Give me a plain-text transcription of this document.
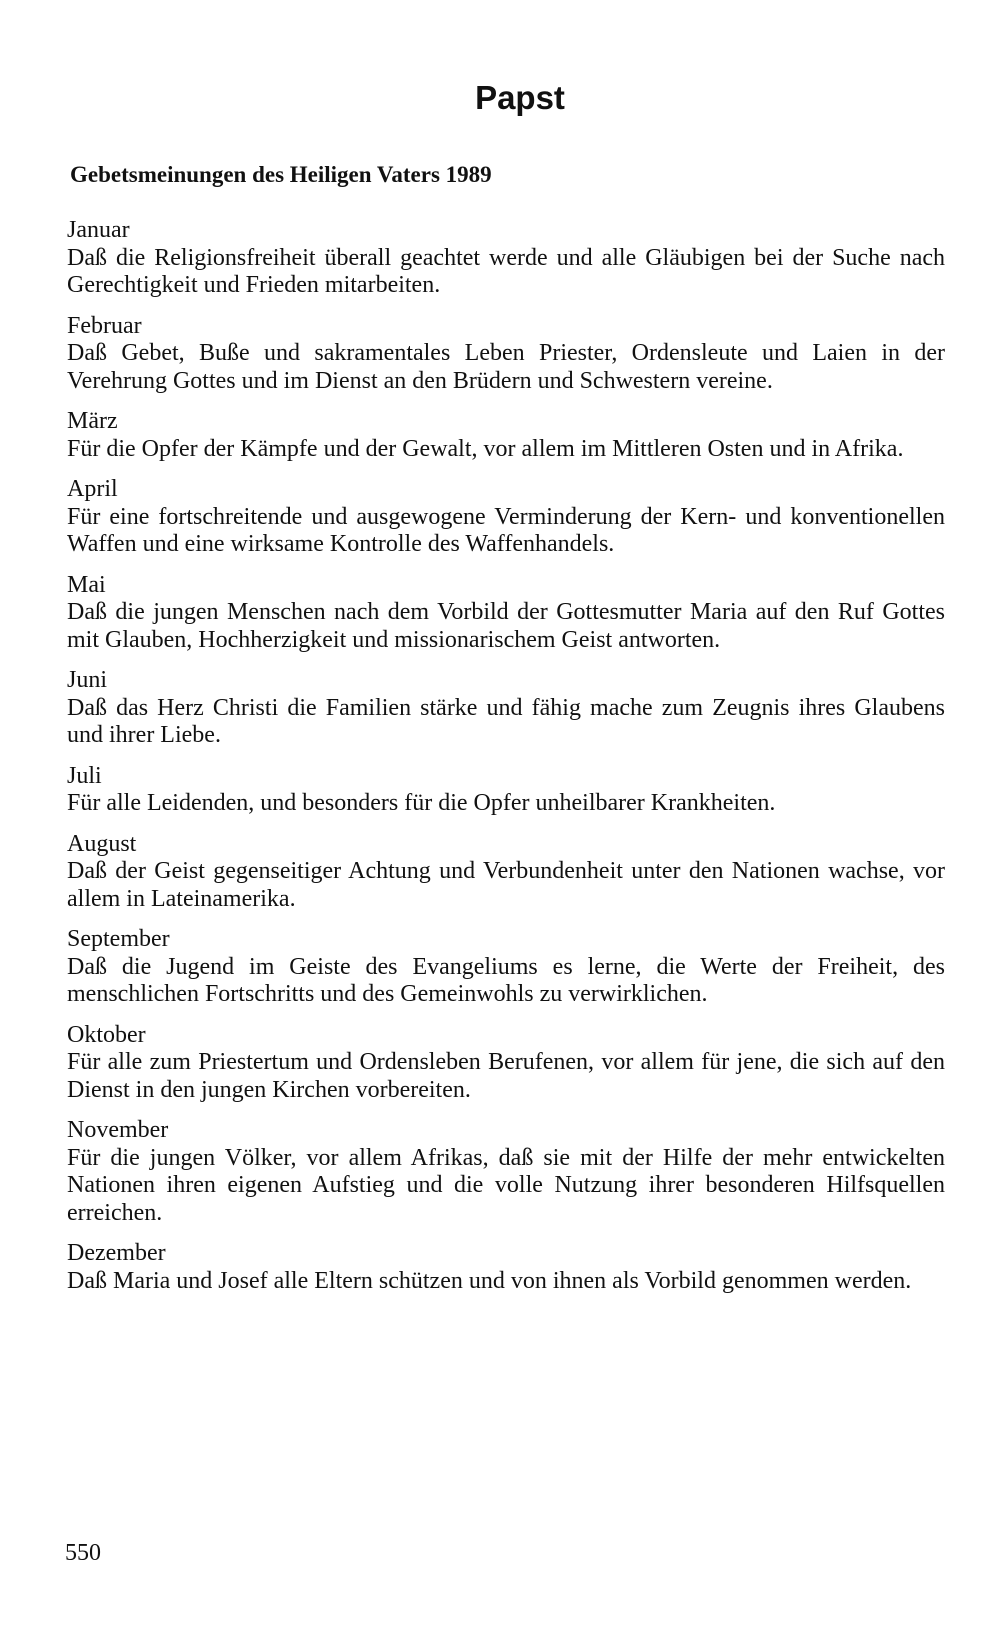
Papst
Gebetsmeinungen des Heiligen Vaters 1989
Januar
Daß die Religionsfreiheit überall geachtet werde und alle Gläubigen bei der Suche nach Gerechtigkeit und Frieden mitarbeiten.
Februar
Daß Gebet, Buße und sakramentales Leben Priester, Ordensleute und Laien in der Verehrung Gottes und im Dienst an den Brüdern und Schwestern vereine.
März
Für die Opfer der Kämpfe und der Gewalt, vor allem im Mittleren Osten und in Afrika.
April
Für eine fortschreitende und ausgewogene Verminderung der Kern- und konventionellen Waffen und eine wirksame Kontrolle des Waffenhandels.
Mai
Daß die jungen Menschen nach dem Vorbild der Gottesmutter Maria auf den Ruf Gottes mit Glauben, Hochherzigkeit und missionarischem Geist antworten.
Juni
Daß das Herz Christi die Familien stärke und fähig mache zum Zeugnis ihres Glaubens und ihrer Liebe.
Juli
Für alle Leidenden, und besonders für die Opfer unheilbarer Krankheiten.
August
Daß der Geist gegenseitiger Achtung und Verbundenheit unter den Nationen wachse, vor allem in Lateinamerika.
September
Daß die Jugend im Geiste des Evangeliums es lerne, die Werte der Freiheit, des menschlichen Fortschritts und des Gemeinwohls zu verwirklichen.
Oktober
Für alle zum Priestertum und Ordensleben Berufenen, vor allem für jene, die sich auf den Dienst in den jungen Kirchen vorbereiten.
November
Für die jungen Völker, vor allem Afrikas, daß sie mit der Hilfe der mehr entwickelten Nationen ihren eigenen Aufstieg und die volle Nutzung ihrer besonderen Hilfsquellen erreichen.
Dezember
Daß Maria und Josef alle Eltern schützen und von ihnen als Vorbild genommen werden.
550
